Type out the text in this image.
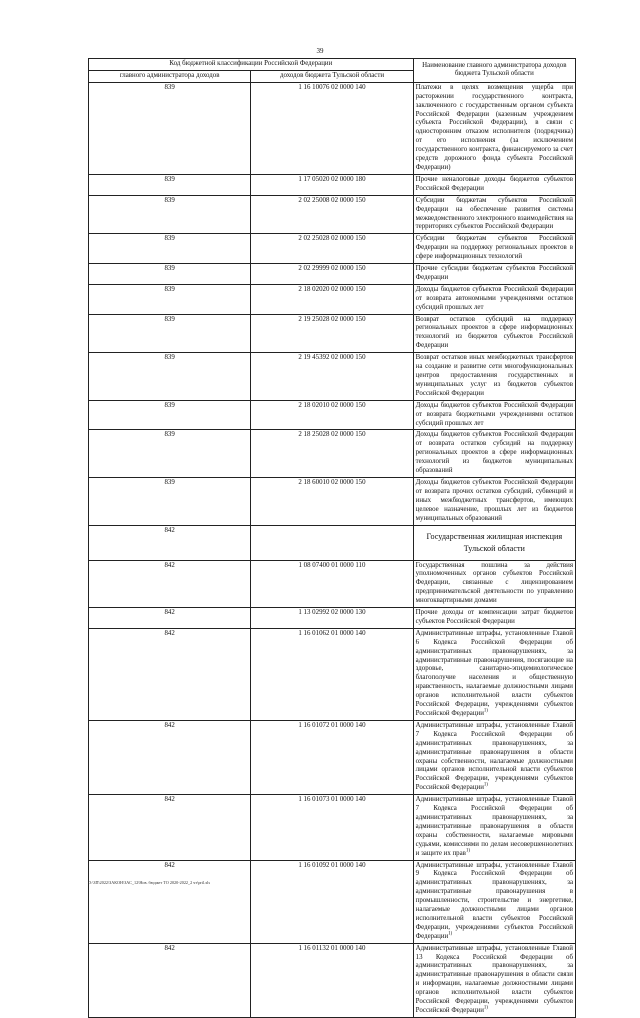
39
Код бюджетной классификации Российской Федерации		Наименование главного администратора доходов бюджета Тульской области
главного администратора доходов	доходов бюджета Тульской области	
839	1 16 10076 02 0000 140	Платежи в целях возмещения ущерба при расторжении государственного контракта, заключенного с государственным органом субъекта Российской Федерации (казенным учреждением субъекта Российской Федерации), в связи с односторонним отказом исполнителя (подрядчика) от его исполнения (за исключением государственного контракта, финансируемого за счет средств дорожного фонда субъекта Российской Федерации)
839	1 17 05020 02 0000 180	Прочие неналоговые доходы бюджетов субъектов Российской Федерации
839	2 02 25008 02 0000 150	Субсидии бюджетам субъектов Российской Федерации на обеспечение развития системы межведомственного электронного взаимодействия на территориях субъектов Российской Федерации
839	2 02 25028 02 0000 150	Субсидии бюджетам субъектов Российской Федерации на поддержку региональных проектов в сфере информационных технологий
839	2 02 29999 02 0000 150	Прочие субсидии бюджетам субъектов Российской Федерации
839	2 18 02020 02 0000 150	Доходы бюджетов субъектов Российской Федерации от возврата автономными учреждениями остатков субсидий прошлых лет
839	2 19 25028 02 0000 150	Возврат остатков субсидий на поддержку региональных проектов в сфере информационных технологий из бюджетов субъектов Российской Федерации
839	2 19 45392 02 0000 150	Возврат остатков иных межбюджетных трансфертов на создание и развитие сети многофункциональных центров предоставления государственных и муниципальных услуг из бюджетов субъектов Российской Федерации
839	2 18 02010 02 0000 150	Доходы бюджетов субъектов Российской Федерации от возврата бюджетными учреждениями остатков субсидий прошлых лет
839	2 18 25028 02 0000 150	Доходы бюджетов субъектов Российской Федерации от возврата остатков субсидий на поддержку региональных проектов в сфере информационных технологий из бюджетов муниципальных образований
839	2 18 60010 02 0000 150	Доходы бюджетов субъектов Российской Федерации от возврата прочих остатков субсидий, субвенций и иных межбюджетных трансфертов, имеющих целевое назначение, прошлых лет из бюджетов муниципальных образований
842		Государственная жилищная инспекция Тульской области
842	1 08 07400 01 0000 110	Государственная пошлина за действия уполномоченных органов субъектов Российской Федерации, связанные с лицензированием предпринимательской деятельности по управлению многоквартирными домами
842	1 13 02992 02 0000 130	Прочие доходы от компенсации затрат бюджетов субъектов Российской Федерации
842	1 16 01062 01 0000 140	Административные штрафы, установленные Главой 6 Кодекса Российской Федерации об административных правонарушениях, за административные правонарушения, посягающие на здоровье, санитарно-эпидемиологическое благополучие населения и общественную нравственность, налагаемые должностными лицами органов исполнительной власти субъектов Российской Федерации, учреждениями субъектов Российской Федерации$^{1)}$
842	1 16 01072 01 0000 140	Административные штрафы, установленные Главой 7 Кодекса Российской Федерации об административных правонарушениях, за административные правонарушения в области охраны собственности, налагаемые должностными лицами органов исполнительной власти субъектов Российской Федерации, учреждениями субъектов Российской Федерации$^{1)}$
842	1 16 01073 01 0000 140	Административные штрафы, установленные Главой 7 Кодекса Российской Федерации об административных правонарушениях, за административные правонарушения в области охраны собственности, налагаемые мировыми судьями, комиссиями по делам несовершеннолетних и защите их прав$^{1)}$
842	1 16 01092 01 0000 140	Административные штрафы, установленные Главой 9 Кодекса Российской Федерации об административных правонарушениях, за административные правонарушения в промышленности, строительстве и энергетике, налагаемые должностными лицами органов исполнительной власти субъектов Российской Федерации, учреждениями субъектов Российской Федерации$^{1)}$
842	1 16 01132 01 0000 140	Административные штрафы, установленные Главой 13 Кодекса Российской Федерации об административных правонарушениях, за административные правонарушения в области связи и информации, налагаемые должностными лицами органов исполнительной власти субъектов Российской Федерации, учреждениями субъектов Российской Федерации$^{1)}$
D:\ЗП\2022\ЗАКОН\ЗАС_12\Нов. бюджет ТО 2020-2022_2 чт\pril.xls
